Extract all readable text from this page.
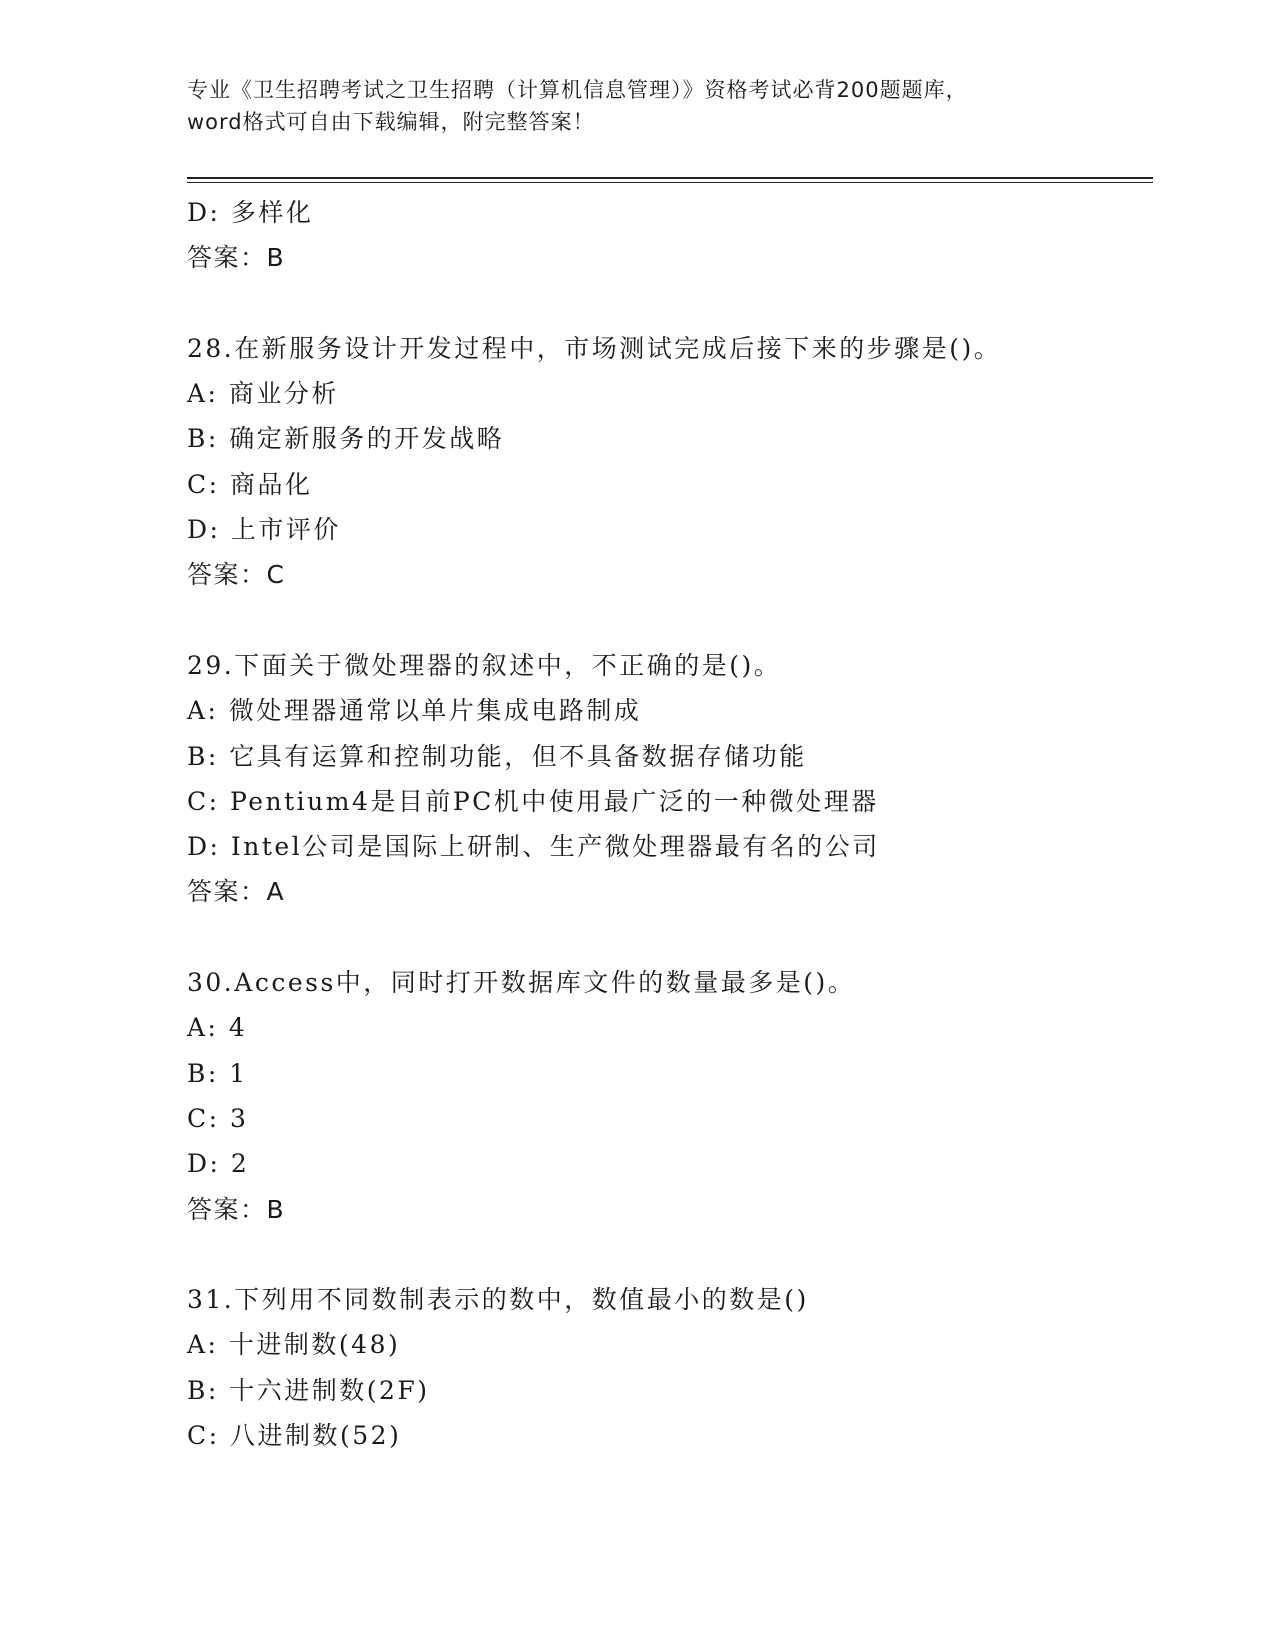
专业《卫生招聘考试之卫生招聘（计算机信息管理）》资格考试必背200题题库，
word格式可自由下载编辑，附完整答案！
D: 多样化
答案：B
28.在新服务设计开发过程中，市场测试完成后接下来的步骤是()。
A: 商业分析
B: 确定新服务的开发战略
C: 商品化
D: 上市评价
答案：C
29.下面关于微处理器的叙述中，不正确的是()。
A: 微处理器通常以单片集成电路制成
B: 它具有运算和控制功能，但不具备数据存储功能
C: Pentium4是目前PC机中使用最广泛的一种微处理器
D: Intel公司是国际上研制、生产微处理器最有名的公司
答案：A
30.Access中，同时打开数据库文件的数量最多是()。
A: 4
B: 1
C: 3
D: 2
答案：B
31.下列用不同数制表示的数中，数值最小的数是()
A: 十进制数(48)
B: 十六进制数(2F)
C: 八进制数(52)
